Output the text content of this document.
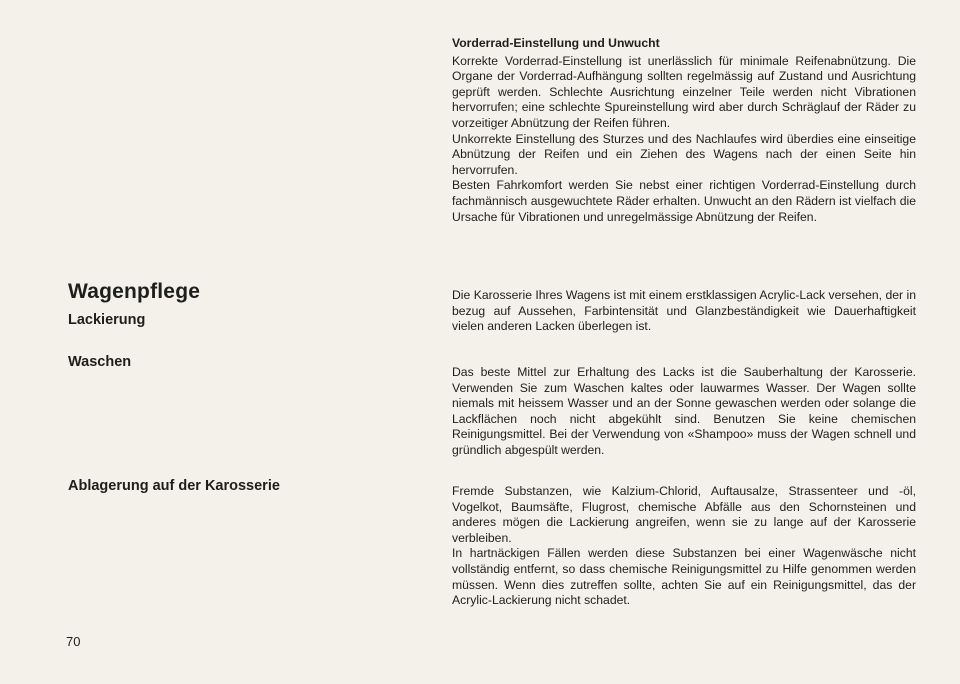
Wagenpflege
Lackierung
Waschen
Ablagerung auf der Karosserie
Vorderrad-Einstellung und Unwucht

Korrekte Vorderrad-Einstellung ist unerlässlich für minimale Reifenabnützung. Die Organe der Vorderrad-Aufhängung sollten regelmässig auf Zustand und Ausrichtung geprüft werden. Schlechte Ausrichtung einzelner Teile werden nicht Vibrationen hervorrufen; eine schlechte Spureinstellung wird aber durch Schräglauf der Räder zu vorzeitiger Abnützung der Reifen führen.

Unkorrekte Einstellung des Sturzes und des Nachlaufes wird überdies eine einseitige Abnützung der Reifen und ein Ziehen des Wagens nach der einen Seite hin hervorrufen.

Besten Fahrkomfort werden Sie nebst einer richtigen Vorderrad-Einstellung durch fachmännisch ausgewuchtete Räder erhalten. Unwucht an den Rädern ist vielfach die Ursache für Vibrationen und unregelmässige Abnützung der Reifen.

Die Karosserie Ihres Wagens ist mit einem erstklassigen Acrylic-Lack versehen, der in bezug auf Aussehen, Farbintensität und Glanzbeständigkeit wie Dauerhaftigkeit vielen anderen Lacken überlegen ist.

Das beste Mittel zur Erhaltung des Lacks ist die Sauberhaltung der Karosserie. Verwenden Sie zum Waschen kaltes oder lauwarmes Wasser. Der Wagen sollte niemals mit heissem Wasser und an der Sonne gewaschen werden oder solange die Lackflächen noch nicht abgekühlt sind. Benutzen Sie keine chemischen Reinigungsmittel. Bei der Verwendung von «Shampoo» muss der Wagen schnell und gründlich abgespült werden.

Fremde Substanzen, wie Kalzium-Chlorid, Auftausalze, Strassenteer und -öl, Vogelkot, Baumsäfte, Flugrost, chemische Abfälle aus den Schornsteinen und anderes mögen die Lackierung angreifen, wenn sie zu lange auf der Karosserie verbleiben.

In hartnäckigen Fällen werden diese Substanzen bei einer Wagenwäsche nicht vollständig entfernt, so dass chemische Reinigungsmittel zu Hilfe genommen werden müssen. Wenn dies zutreffen sollte, achten Sie auf ein Reinigungsmittel, das der Acrylic-Lackierung nicht schadet.

70
